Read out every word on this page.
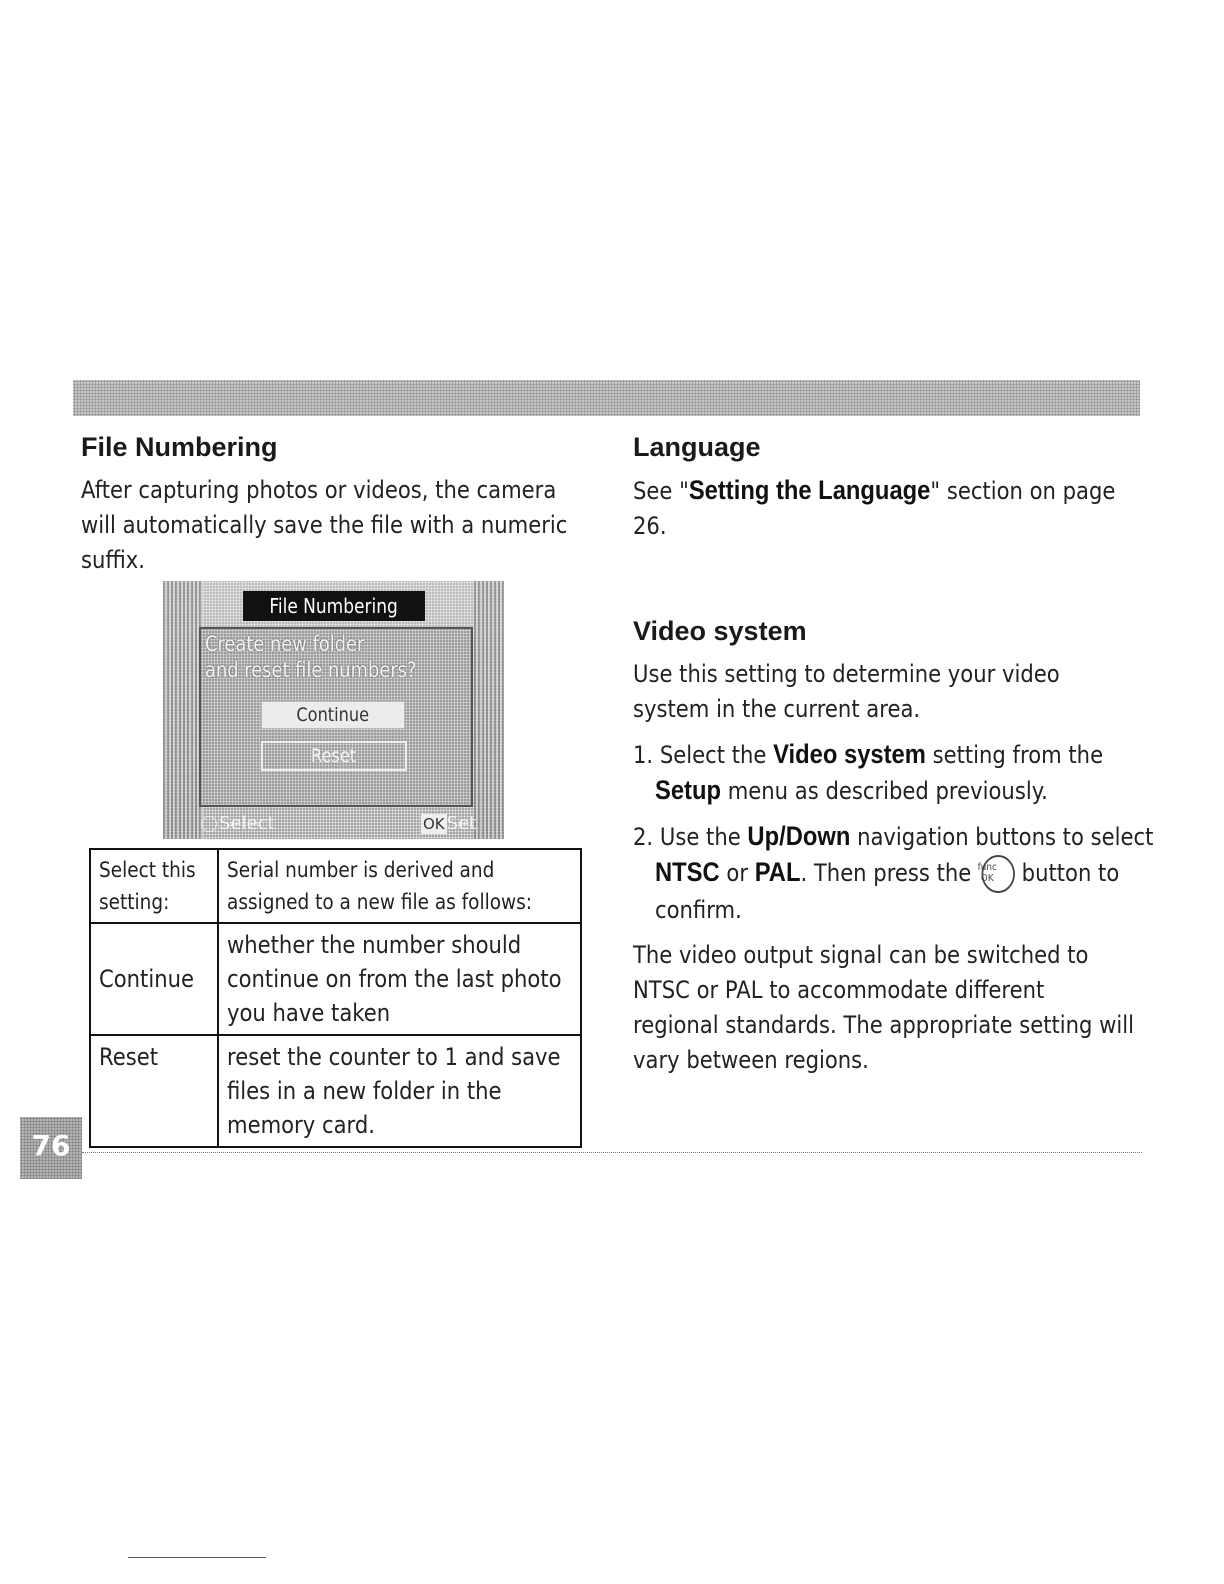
File Numbering

After capturing photos or videos, the camera will automatically save the file with a numeric suffix.

File Numbering
Create new folder
and reset file numbers?
Continue
Reset
Select	OK Set
Select this setting:	Serial number is derived and assigned to a new file as follows:
Continue	whether the number should continue on from the last photo you have taken
Reset	reset the counter to 1 and save files in a new folder in the memory card.
Language

See "Setting the Language" section on page 26.

Video system

Use this setting to determine your video system in the current area.

1. Select the Video system setting from the Setup menu as described previously.

2. Use the Up/Down navigation buttons to select NTSC or PAL. Then press the func
OK button to confirm.

The video output signal can be switched to NTSC or PAL to accommodate different regional standards. The appropriate setting will vary between regions.

76
